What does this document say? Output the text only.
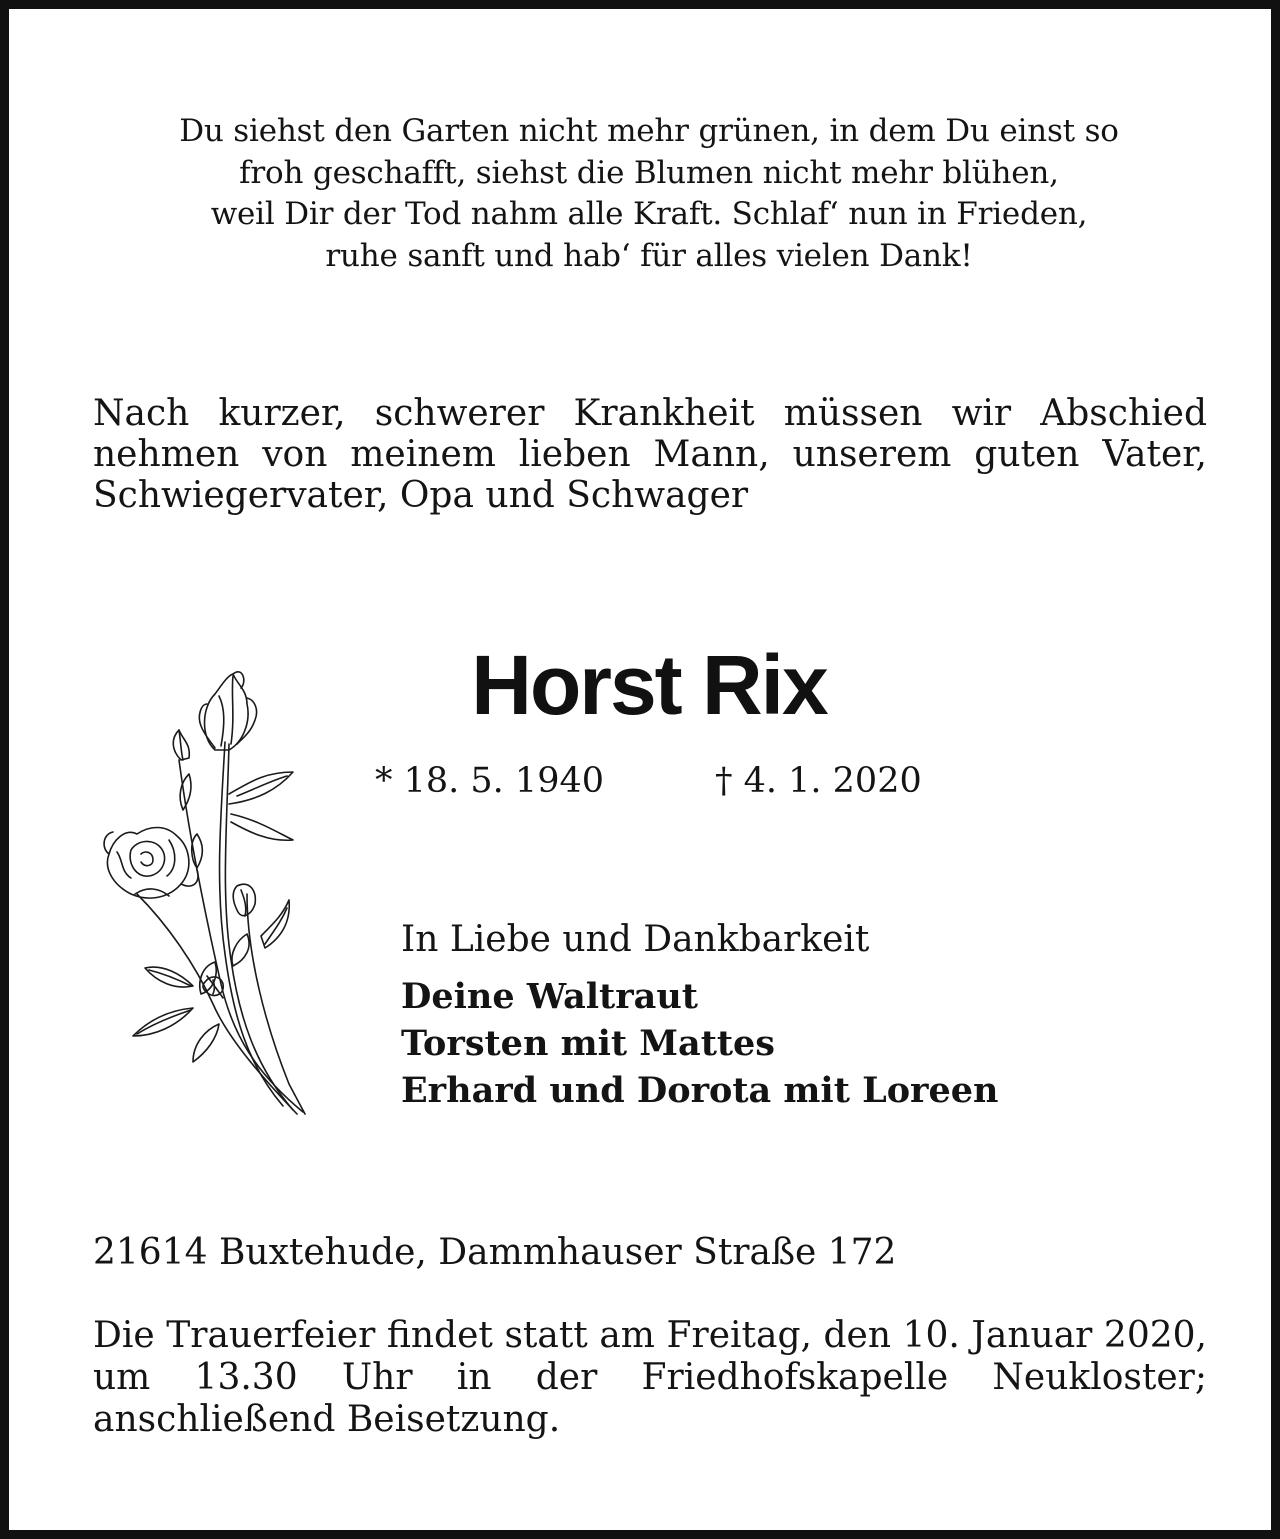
Du siehst den Garten nicht mehr grünen, in dem Du einst so
froh geschafft, siehst die Blumen nicht mehr blühen,
weil Dir der Tod nahm alle Kraft. Schlaf‘ nun in Frieden,
ruhe sanft und hab‘ für alles vielen Dank!
Nach kurzer, schwerer Krankheit müssen wir Abschied
nehmen von meinem lieben Mann, unserem guten Vater,
Schwiegervater, Opa und Schwager
Horst Rix
* 18. 5. 1940	† 4. 1. 2020
In Liebe und Dankbarkeit
Deine Waltraut
Torsten mit Mattes
Erhard und Dorota mit Loreen
21614 Buxtehude, Dammhauser Straße 172
Die Trauerfeier findet statt am Freitag, den 10. Januar 2020,
um 13.30 Uhr in der Friedhofskapelle Neukloster;
anschließend Beisetzung.
